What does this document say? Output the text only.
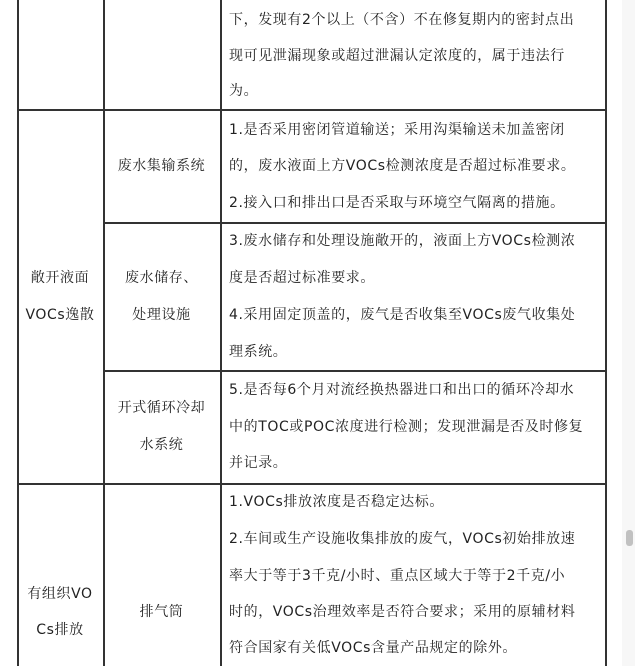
下，发现有2个以上（不含）不在修复期内的密封点出
现可见泄漏现象或超过泄漏认定浓度的，属于违法行
为。
敞开液面
VOCs逸散
废水集输系统
1.是否采用密闭管道输送；采用沟渠输送未加盖密闭
的，废水液面上方VOCs检测浓度是否超过标准要求。
2.接入口和排出口是否采取与环境空气隔离的措施。
废水储存、
处理设施
3.废水储存和处理设施敞开的，液面上方VOCs检测浓
度是否超过标准要求。
4.采用固定顶盖的，废气是否收集至VOCs废气收集处
理系统。
开式循环冷却
水系统
5.是否每6个月对流经换热器进口和出口的循环冷却水
中的TOC或POC浓度进行检测；发现泄漏是否及时修复
并记录。
有组织VO
Cs排放
排气筒
1.VOCs排放浓度是否稳定达标。
2.车间或生产设施收集排放的废气，VOCs初始排放速
率大于等于3千克/小时、重点区域大于等于2千克/小
时的，VOCs治理效率是否符合要求；采用的原辅材料
符合国家有关低VOCs含量产品规定的除外。
